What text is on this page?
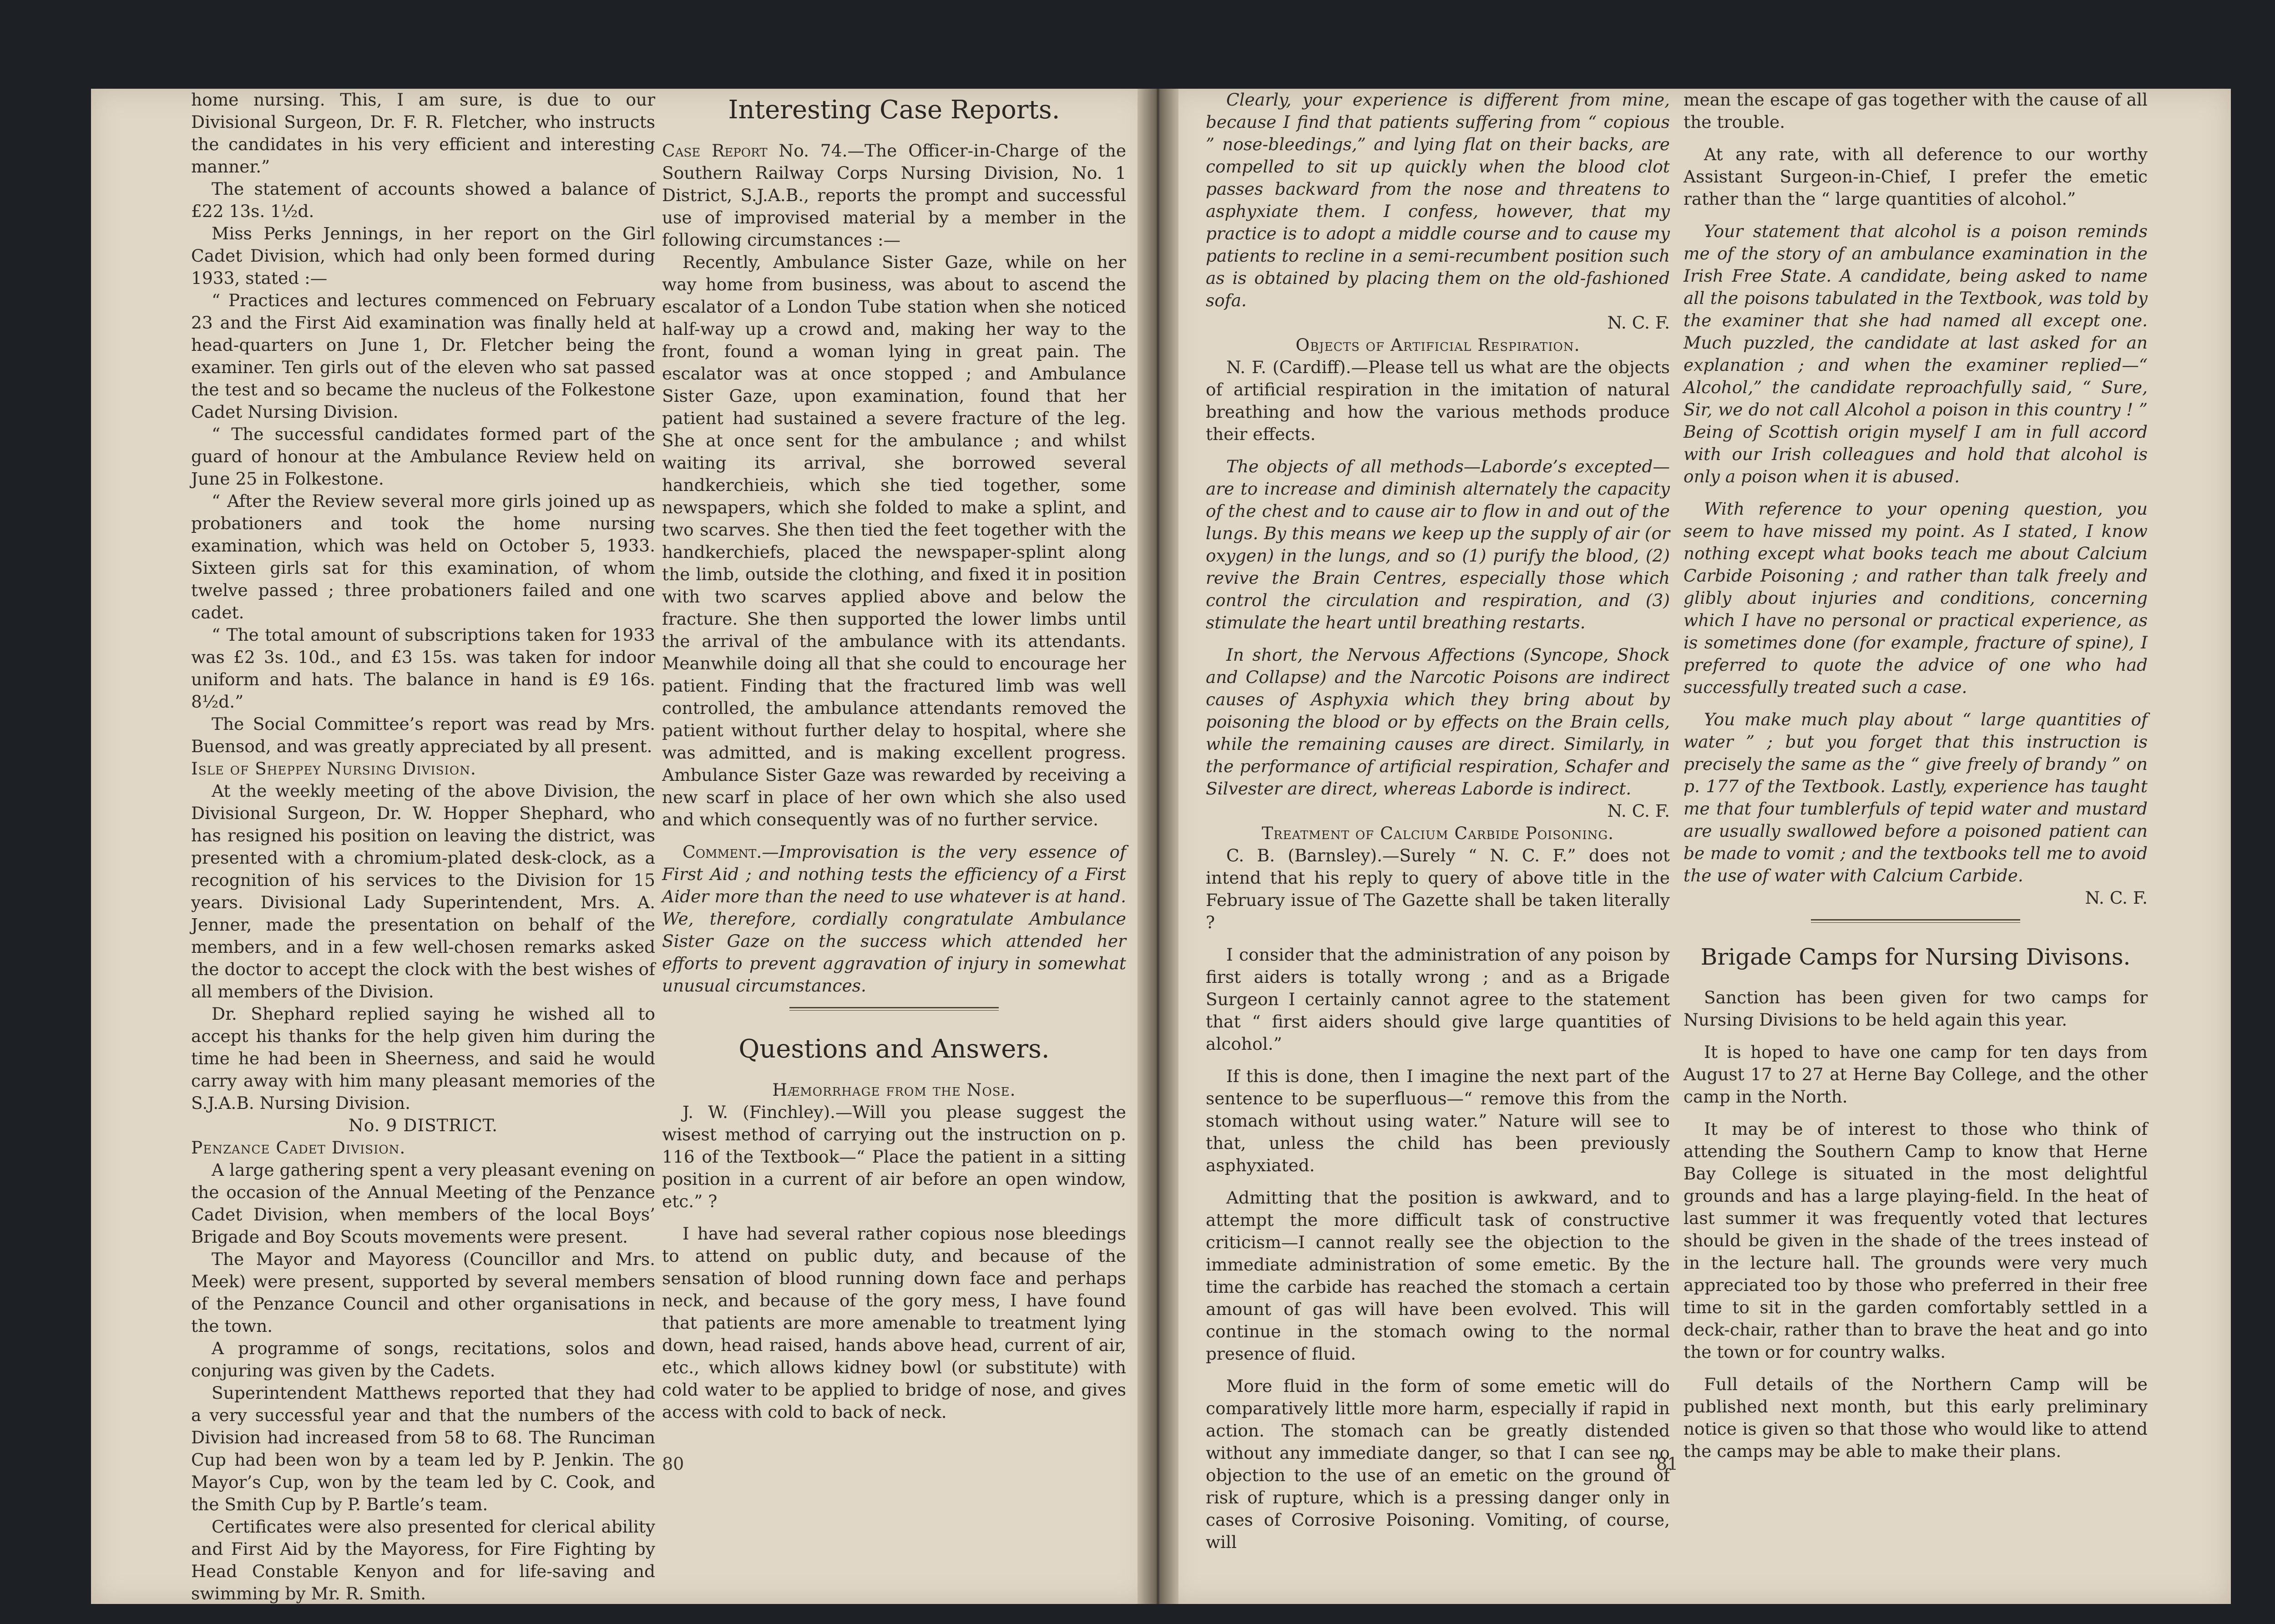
home nursing. This, I am sure, is due to our Divisional Surgeon, Dr. F. R. Fletcher, who instructs the candidates in his very efficient and interesting manner.”

The statement of accounts showed a balance of £22 13s. 1½d.

Miss Perks Jennings, in her report on the Girl Cadet Division, which had only been formed during 1933, stated :—

“ Practices and lectures commenced on February 23 and the First Aid examination was finally held at head-quarters on June 1, Dr. Fletcher being the examiner. Ten girls out of the eleven who sat passed the test and so became the nucleus of the Folkestone Cadet Nursing Division.

“ The successful candidates formed part of the guard of honour at the Ambulance Review held on June 25 in Folkestone.

“ After the Review several more girls joined up as probationers and took the home nursing examination, which was held on October 5, 1933. Sixteen girls sat for this examination, of whom twelve passed ; three probationers failed and one cadet.

“ The total amount of subscriptions taken for 1933 was £2 3s. 10d., and £3 15s. was taken for indoor uniform and hats. The balance in hand is £9 16s. 8½d.”

The Social Committee’s report was read by Mrs. Buensod, and was greatly appreciated by all present.

Isle of Sheppey Nursing Division.

At the weekly meeting of the above Division, the Divisional Surgeon, Dr. W. Hopper Shephard, who has resigned his position on leaving the district, was presented with a chromium-plated desk-clock, as a recognition of his services to the Division for 15 years. Divisional Lady Superintendent, Mrs. A. Jenner, made the presentation on behalf of the members, and in a few well-chosen remarks asked the doctor to accept the clock with the best wishes of all members of the Division.

Dr. Shephard replied saying he wished all to accept his thanks for the help given him during the time he had been in Sheerness, and said he would carry away with him many pleasant memories of the S.J.A.B. Nursing Division.

No. 9 DISTRICT.

Penzance Cadet Division.

A large gathering spent a very pleasant evening on the occasion of the Annual Meeting of the Penzance Cadet Division, when members of the local Boys’ Brigade and Boy Scouts movements were present.

The Mayor and Mayoress (Councillor and Mrs. Meek) were present, supported by several members of the Penzance Council and other organisations in the town.

A programme of songs, recitations, solos and conjuring was given by the Cadets.

Superintendent Matthews reported that they had a very successful year and that the numbers of the Division had increased from 58 to 68. The Runciman Cup had been won by a team led by P. Jenkin. The Mayor’s Cup, won by the team led by C. Cook, and the Smith Cup by P. Bartle’s team.

Certificates were also presented for clerical ability and First Aid by the Mayoress, for Fire Fighting by Head Constable Kenyon and for life-saving and swimming by Mr. R. Smith.

Interesting Case Reports.

Case Report No. 74.—The Officer-in-Charge of the Southern Railway Corps Nursing Division, No. 1 District, S.J.A.B., reports the prompt and successful use of improvised material by a member in the following circumstances :—

Recently, Ambulance Sister Gaze, while on her way home from business, was about to ascend the escalator of a London Tube station when she noticed half-way up a crowd and, making her way to the front, found a woman lying in great pain. The escalator was at once stopped ; and Ambulance Sister Gaze, upon examination, found that her patient had sustained a severe fracture of the leg. She at once sent for the ambulance ; and whilst waiting its arrival, she borrowed several handkerchieis, which she tied together, some newspapers, which she folded to make a splint, and two scarves. She then tied the feet together with the handkerchiefs, placed the newspaper-splint along the limb, outside the clothing, and fixed it in position with two scarves applied above and below the fracture. She then supported the lower limbs until the arrival of the ambulance with its attendants. Meanwhile doing all that she could to encourage her patient. Finding that the fractured limb was well controlled, the ambulance attendants removed the patient without further delay to hospital, where she was admitted, and is making excellent progress. Ambulance Sister Gaze was rewarded by receiving a new scarf in place of her own which she also used and which consequently was of no further service.

Comment.—Improvisation is the very essence of First Aid ; and nothing tests the efficiency of a First Aider more than the need to use whatever is at hand. We, therefore, cordially congratulate Ambulance Sister Gaze on the success which attended her efforts to prevent aggravation of injury in somewhat unusual circumstances.

Questions and Answers.

Hæmorrhage from the Nose.

J. W. (Finchley).—Will you please suggest the wisest method of carrying out the instruction on p. 116 of the Textbook—“ Place the patient in a sitting position in a current of air before an open window, etc.” ?

I have had several rather copious nose bleedings to attend on public duty, and because of the sensation of blood running down face and perhaps neck, and because of the gory mess, I have found that patients are more amenable to treatment lying down, head raised, hands above head, current of air, etc., which allows kidney bowl (or substitute) with cold water to be applied to bridge of nose, and gives access with cold to back of neck.

Clearly, your experience is different from mine, because I find that patients suffering from “ copious ” nose-bleedings,” and lying flat on their backs, are compelled to sit up quickly when the blood clot passes backward from the nose and threatens to asphyxiate them. I confess, however, that my practice is to adopt a middle course and to cause my patients to recline in a semi-recumbent position such as is obtained by placing them on the old-fashioned sofa.

N. C. F.

Objects of Artificial Respiration.

N. F. (Cardiff).—Please tell us what are the objects of artificial respiration in the imitation of natural breathing and how the various methods produce their effects.

The objects of all methods—Laborde’s excepted—are to increase and diminish alternately the capacity of the chest and to cause air to flow in and out of the lungs. By this means we keep up the supply of air (or oxygen) in the lungs, and so (1) purify the blood, (2) revive the Brain Centres, especially those which control the circulation and respiration, and (3) stimulate the heart until breathing restarts.

In short, the Nervous Affections (Syncope, Shock and Collapse) and the Narcotic Poisons are indirect causes of Asphyxia which they bring about by poisoning the blood or by effects on the Brain cells, while the remaining causes are direct. Similarly, in the performance of artificial respiration, Schafer and Silvester are direct, whereas Laborde is indirect.

N. C. F.

Treatment of Calcium Carbide Poisoning.

C. B. (Barnsley).—Surely “ N. C. F.” does not intend that his reply to query of above title in the February issue of The Gazette shall be taken literally ?

I consider that the administration of any poison by first aiders is totally wrong ; and as a Brigade Surgeon I certainly cannot agree to the statement that “ first aiders should give large quantities of alcohol.”

If this is done, then I imagine the next part of the sentence to be superfluous—“ remove this from the stomach without using water.” Nature will see to that, unless the child has been previously asphyxiated.

Admitting that the position is awkward, and to attempt the more difficult task of constructive criticism—I cannot really see the objection to the immediate administration of some emetic. By the time the carbide has reached the stomach a certain amount of gas will have been evolved. This will continue in the stomach owing to the normal presence of fluid.

More fluid in the form of some emetic will do comparatively little more harm, especially if rapid in action. The stomach can be greatly distended without any immediate danger, so that I can see no objection to the use of an emetic on the ground of risk of rupture, which is a pressing danger only in cases of Corrosive Poisoning. Vomiting, of course, will

mean the escape of gas together with the cause of all the trouble.

At any rate, with all deference to our worthy Assistant Surgeon-in-Chief, I prefer the emetic rather than the “ large quantities of alcohol.”

Your statement that alcohol is a poison reminds me of the story of an ambulance examination in the Irish Free State. A candidate, being asked to name all the poisons tabulated in the Textbook, was told by the examiner that she had named all except one. Much puzzled, the candidate at last asked for an explanation ; and when the examiner replied—“ Alcohol,” the candidate reproachfully said, “ Sure, Sir, we do not call Alcohol a poison in this country ! ” Being of Scottish origin myself I am in full accord with our Irish colleagues and hold that alcohol is only a poison when it is abused.

With reference to your opening question, you seem to have missed my point. As I stated, I know nothing except what books teach me about Calcium Carbide Poisoning ; and rather than talk freely and glibly about injuries and conditions, concerning which I have no personal or practical experience, as is sometimes done (for example, fracture of spine), I preferred to quote the advice of one who had successfully treated such a case.

You make much play about “ large quantities of water ” ; but you forget that this instruction is precisely the same as the “ give freely of brandy ” on p. 177 of the Textbook. Lastly, experience has taught me that four tumblerfuls of tepid water and mustard are usually swallowed before a poisoned patient can be made to vomit ; and the textbooks tell me to avoid the use of water with Calcium Carbide.

N. C. F.

Brigade Camps for Nursing Divisons.

Sanction has been given for two camps for Nursing Divisions to be held again this year.

It is hoped to have one camp for ten days from August 17 to 27 at Herne Bay College, and the other camp in the North.

It may be of interest to those who think of attending the Southern Camp to know that Herne Bay College is situated in the most delightful grounds and has a large playing-field. In the heat of last summer it was frequently voted that lectures should be given in the shade of the trees instead of in the lecture hall. The grounds were very much appreciated too by those who preferred in their free time to sit in the garden comfortably settled in a deck-chair, rather than to brave the heat and go into the town or for country walks.

Full details of the Northern Camp will be published next month, but this early preliminary notice is given so that those who would like to attend the camps may be able to make their plans.

80	81
